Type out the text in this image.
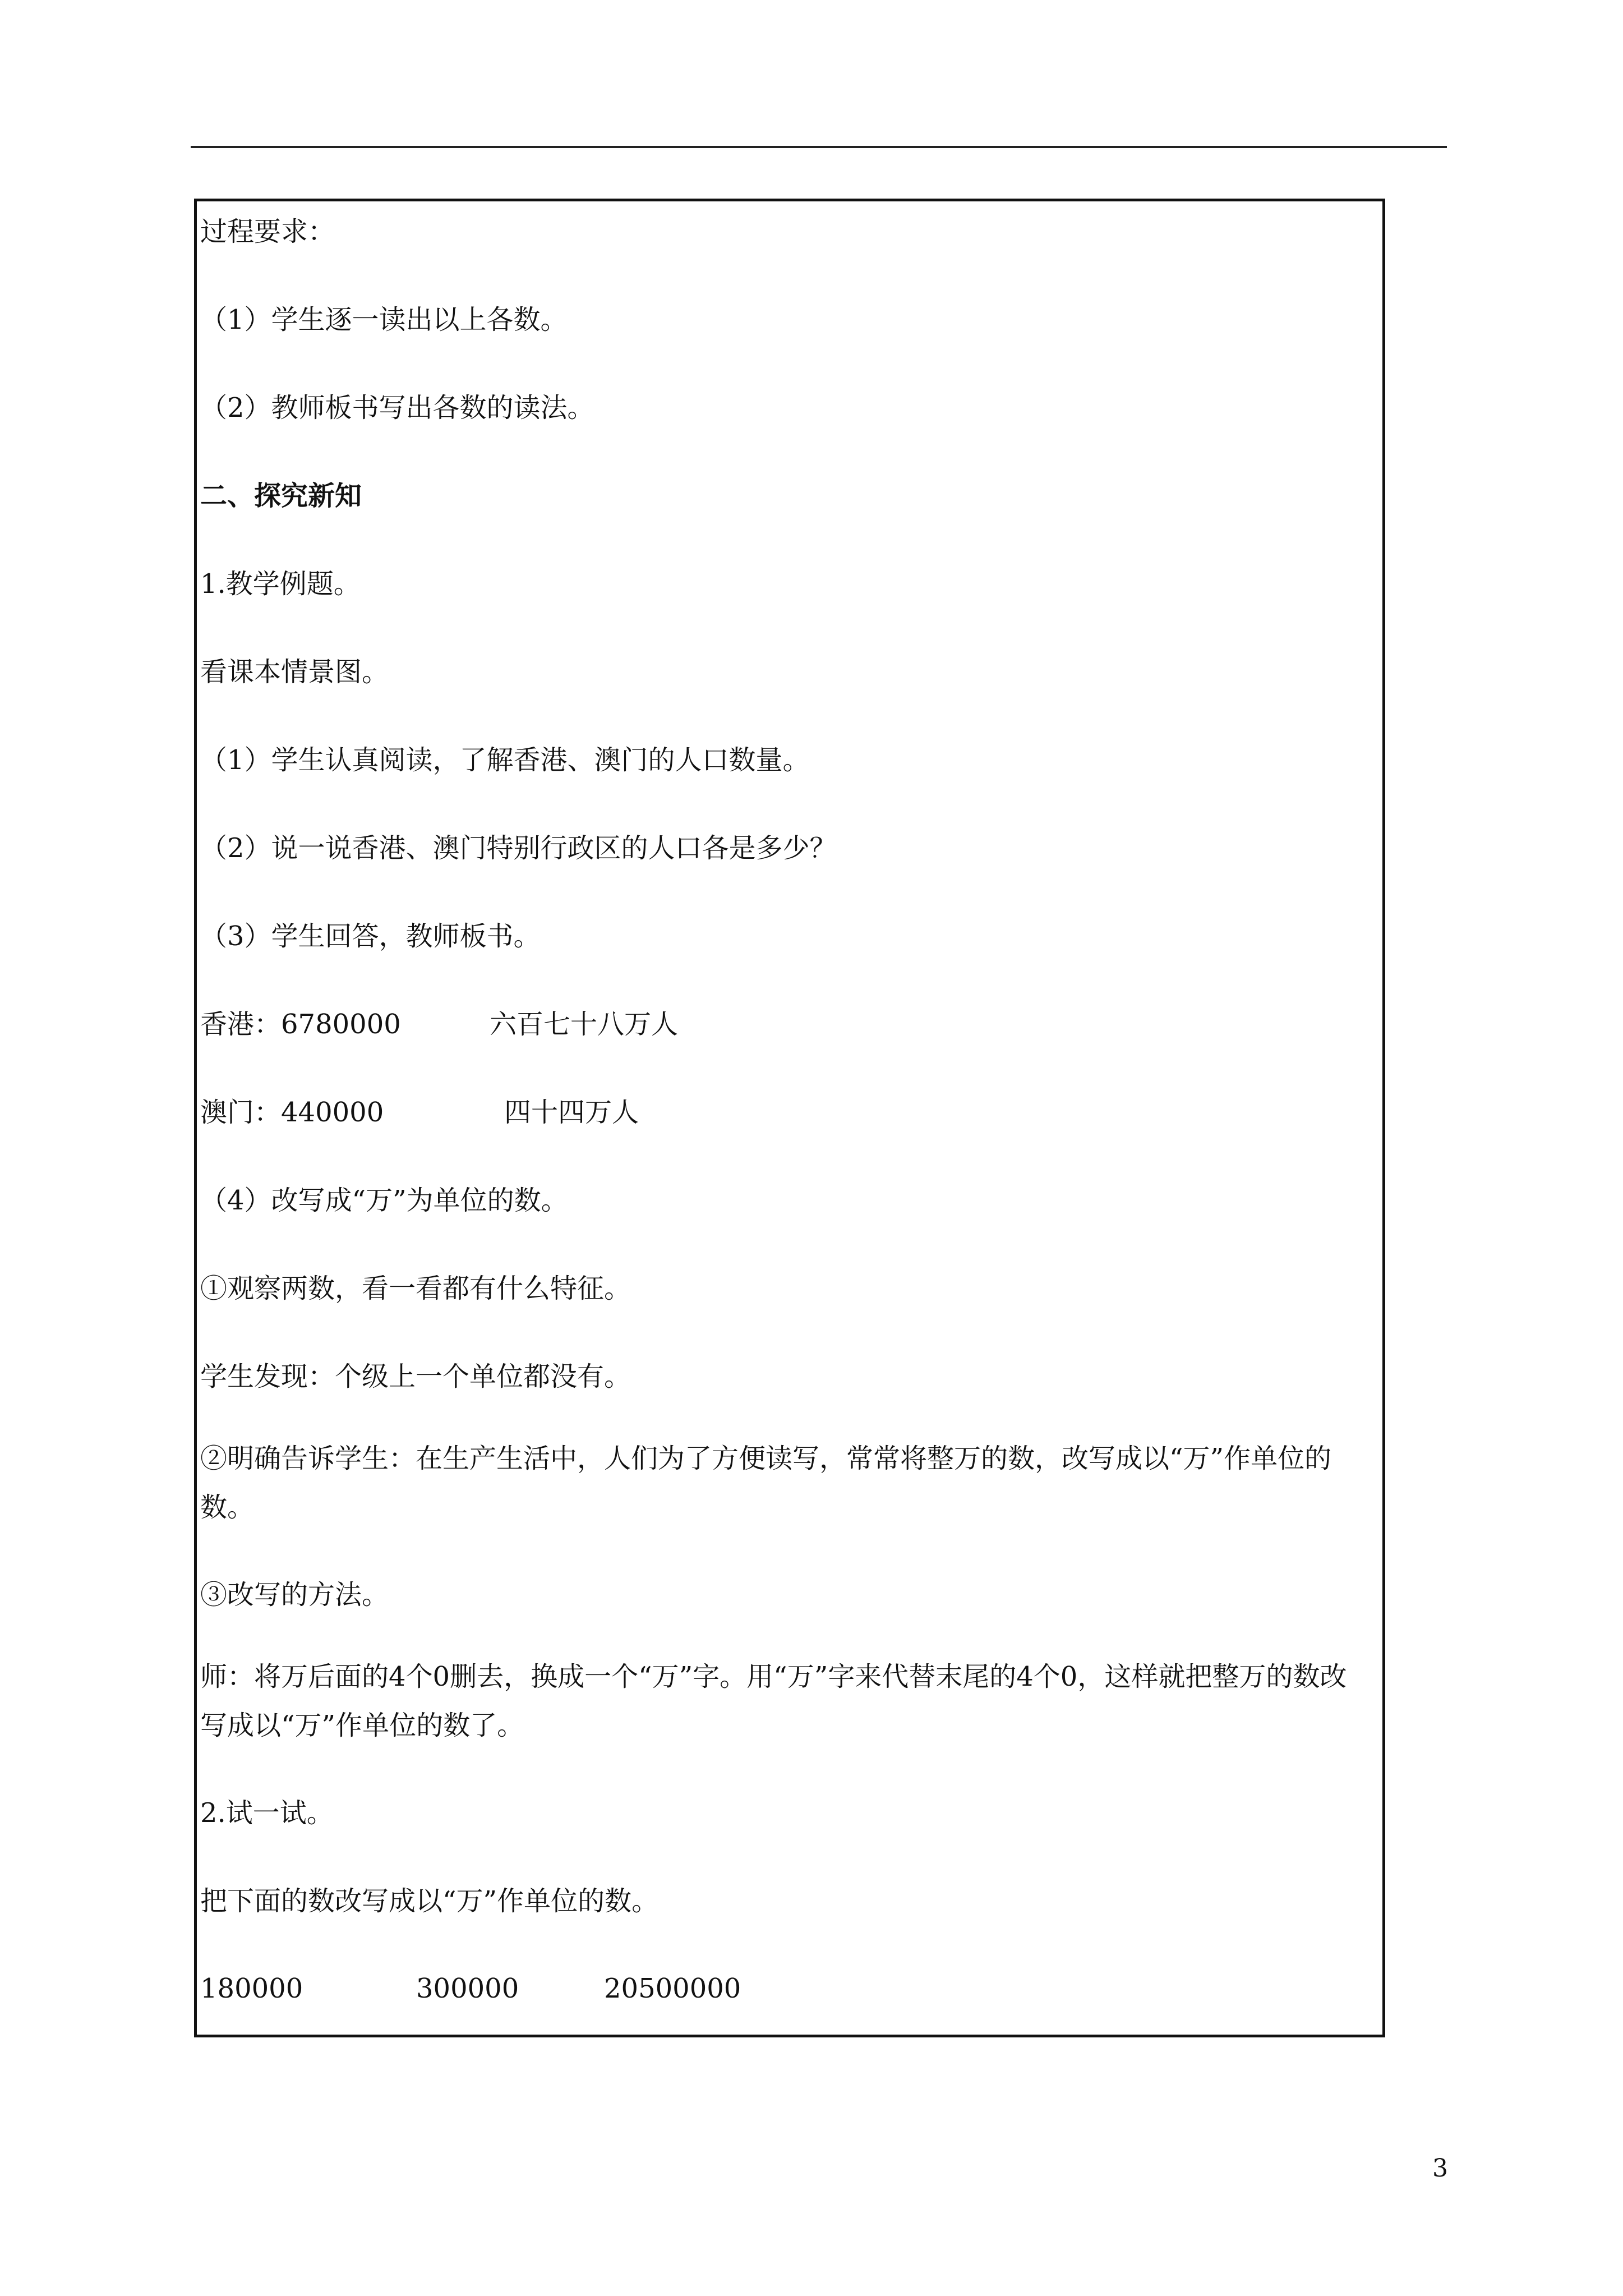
过程要求：
（1）学生逐一读出以上各数。
（2）教师板书写出各数的读法。
二、探究新知
1.教学例题。
看课本情景图。
（1）学生认真阅读，了解香港、澳门的人口数量。
（2）说一说香港、澳门特别行政区的人口各是多少？
（3）学生回答，教师板书。
香港：6780000	六百七十八万人
澳门：440000	四十四万人
（4）改写成“万”为单位的数。
①观察两数，看一看都有什么特征。
学生发现：个级上一个单位都没有。
②明确告诉学生：在生产生活中，人们为了方便读写，常常将整万的数，改写成以“万”作单位的数。
③改写的方法。
师：将万后面的4个0删去，换成一个“万”字。用“万”字来代替末尾的4个0，这样就把整万的数改写成以“万”作单位的数了。
2.试一试。
把下面的数改写成以“万”作单位的数。
180000	300000	20500000
3
